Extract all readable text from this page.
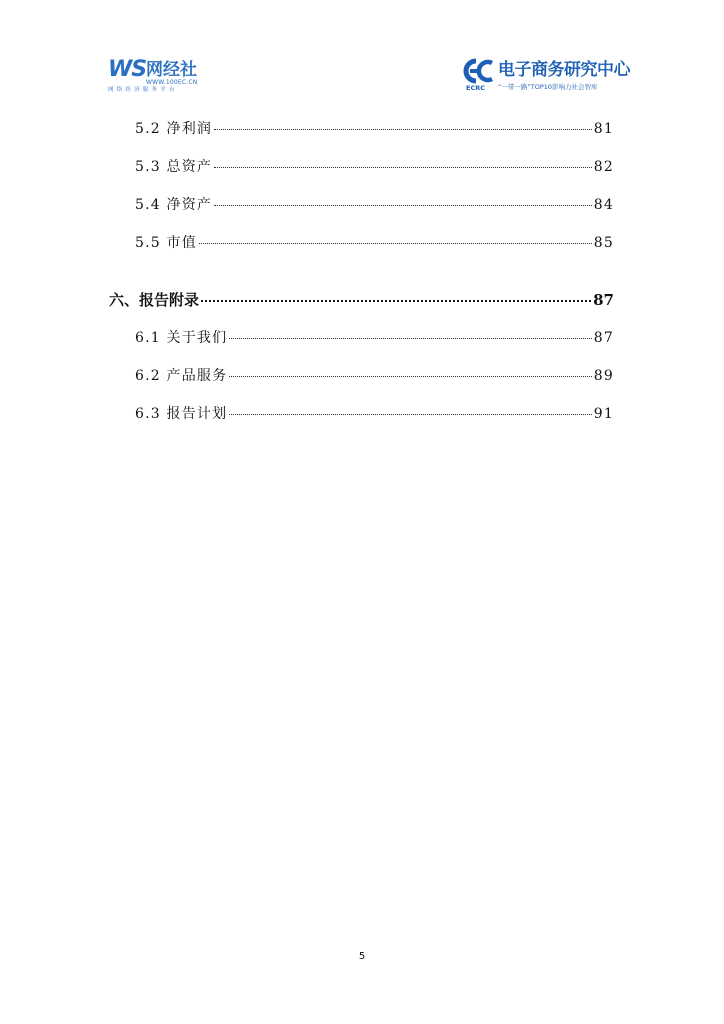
WS 网经社
WWW.100EC.CN
网络经济服务平台
电子商务研究中心
ECRC “一带一路”TOP10影响力社会智库
5.2 净利润	81
5.3 总资产	82
5.4 净资产	84
5.5 市值	85
六、报告附录	87
6.1 关于我们	87
6.2 产品服务	89
6.3 报告计划	91
5
